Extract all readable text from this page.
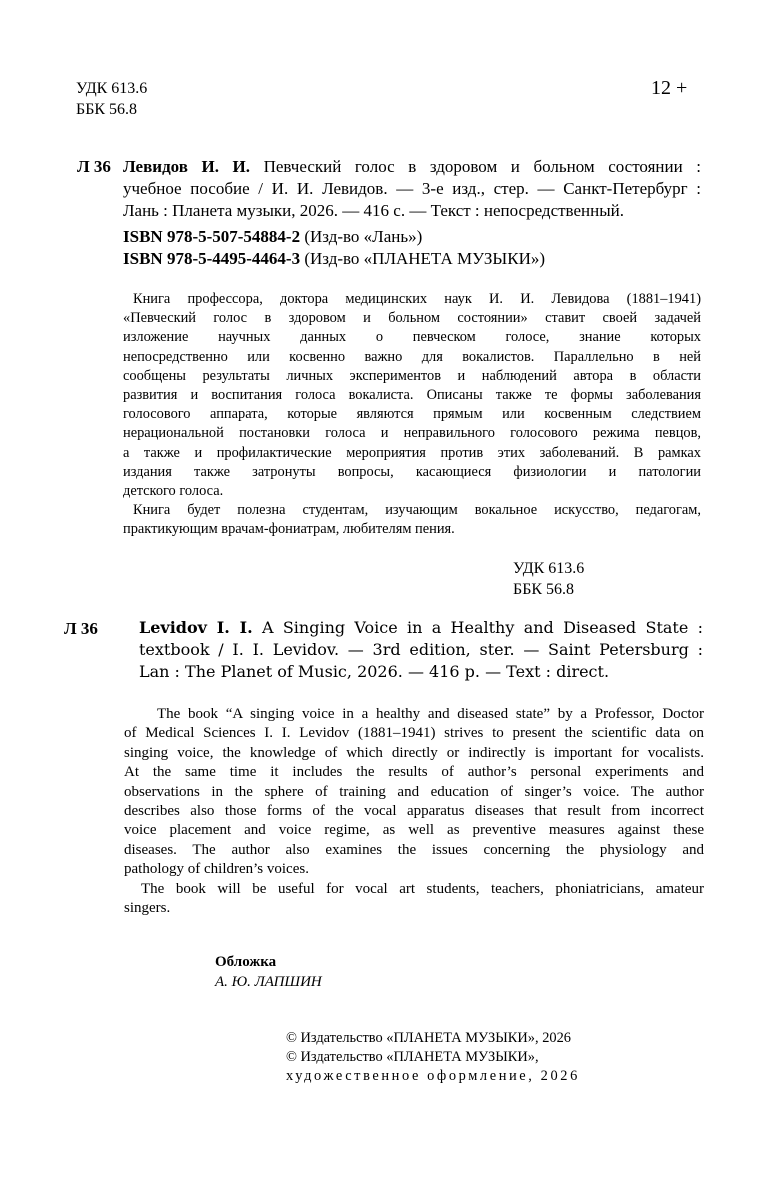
УДК 613.6
ББК 56.8
12 +
Л 36 Левидов И. И. Певческий голос в здоровом и больном состоянии :
учебное пособие / И. И. Левидов. — 3-е изд., стер. — Санкт-Петербург :
Лань : Планета музыки, 2026. — 416 с. — Текст : непосредственный.
ISBN 978-5-507-54884-2 (Изд-во «Лань»)
ISBN 978-5-4495-4464-3 (Изд-во «ПЛАНЕТА МУЗЫКИ»)
Книга профессора, доктора медицинских наук И. И. Левидова (1881–1941)
«Певческий голос в здоровом и больном состоянии» ставит своей задачей
изложение научных данных о певческом голосе, знание которых
непосредственно или косвенно важно для вокалистов. Параллельно в ней
сообщены результаты личных экспериментов и наблюдений автора в области
развития и воспитания голоса вокалиста. Описаны также те формы заболевания
голосового аппарата, которые являются прямым или косвенным следствием
нерациональной постановки голоса и неправильного голосового режима певцов,
а также и профилактические мероприятия против этих заболеваний. В рамках
издания также затронуты вопросы, касающиеся физиологии и патологии
детского голоса.
Книга будет полезна студентам, изучающим вокальное искусство, педагогам,
практикующим врачам-фониатрам, любителям пения.
УДК 613.6
ББК 56.8
Л 36	Levidov I. I. A Singing Voice in a Healthy and Diseased State :
textbook / I. I. Levidov. — 3rd edition, ster. — Saint Petersburg :
Lan : The Planet of Music, 2026. — 416 p. — Text : direct.
The book “A singing voice in a healthy and diseased state” by a Professor, Doctor
of Medical Sciences I. I. Levidov (1881–1941) strives to present the scientific data on
singing voice, the knowledge of which directly or indirectly is important for vocalists.
At the same time it includes the results of author’s personal experiments and
observations in the sphere of training and education of singer’s voice. The author
describes also those forms of the vocal apparatus diseases that result from incorrect
voice placement and voice regime, as well as preventive measures against these
diseases. The author also examines the issues concerning the physiology and
pathology of children’s voices.
The book will be useful for vocal art students, teachers, phoniatricians, amateur
singers.
Обложка
А. Ю. ЛАПШИН
© Издательство «ПЛАНЕТА МУЗЫКИ», 2026
© Издательство «ПЛАНЕТА МУЗЫКИ»,
художественное оформление, 2026
